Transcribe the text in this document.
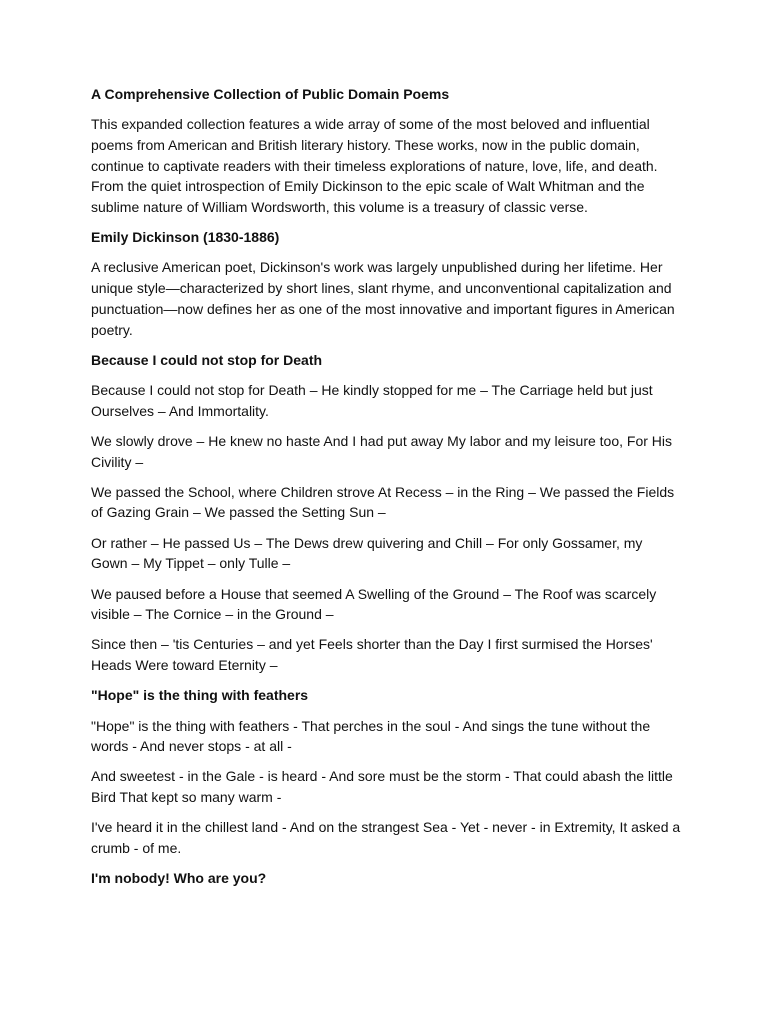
A Comprehensive Collection of Public Domain Poems
This expanded collection features a wide array of some of the most beloved and influential poems from American and British literary history. These works, now in the public domain, continue to captivate readers with their timeless explorations of nature, love, life, and death. From the quiet introspection of Emily Dickinson to the epic scale of Walt Whitman and the sublime nature of William Wordsworth, this volume is a treasury of classic verse.
Emily Dickinson (1830-1886)
A reclusive American poet, Dickinson's work was largely unpublished during her lifetime. Her unique style—characterized by short lines, slant rhyme, and unconventional capitalization and punctuation—now defines her as one of the most innovative and important figures in American poetry.
Because I could not stop for Death
Because I could not stop for Death – He kindly stopped for me – The Carriage held but just Ourselves – And Immortality.
We slowly drove – He knew no haste And I had put away My labor and my leisure too, For His Civility –
We passed the School, where Children strove At Recess – in the Ring – We passed the Fields of Gazing Grain – We passed the Setting Sun –
Or rather – He passed Us – The Dews drew quivering and Chill – For only Gossamer, my Gown – My Tippet – only Tulle –
We paused before a House that seemed A Swelling of the Ground – The Roof was scarcely visible – The Cornice – in the Ground –
Since then – 'tis Centuries – and yet Feels shorter than the Day I first surmised the Horses' Heads Were toward Eternity –
"Hope" is the thing with feathers
"Hope" is the thing with feathers - That perches in the soul - And sings the tune without the words - And never stops - at all -
And sweetest - in the Gale - is heard - And sore must be the storm - That could abash the little Bird That kept so many warm -
I've heard it in the chillest land - And on the strangest Sea - Yet - never - in Extremity, It asked a crumb - of me.
I'm nobody! Who are you?
